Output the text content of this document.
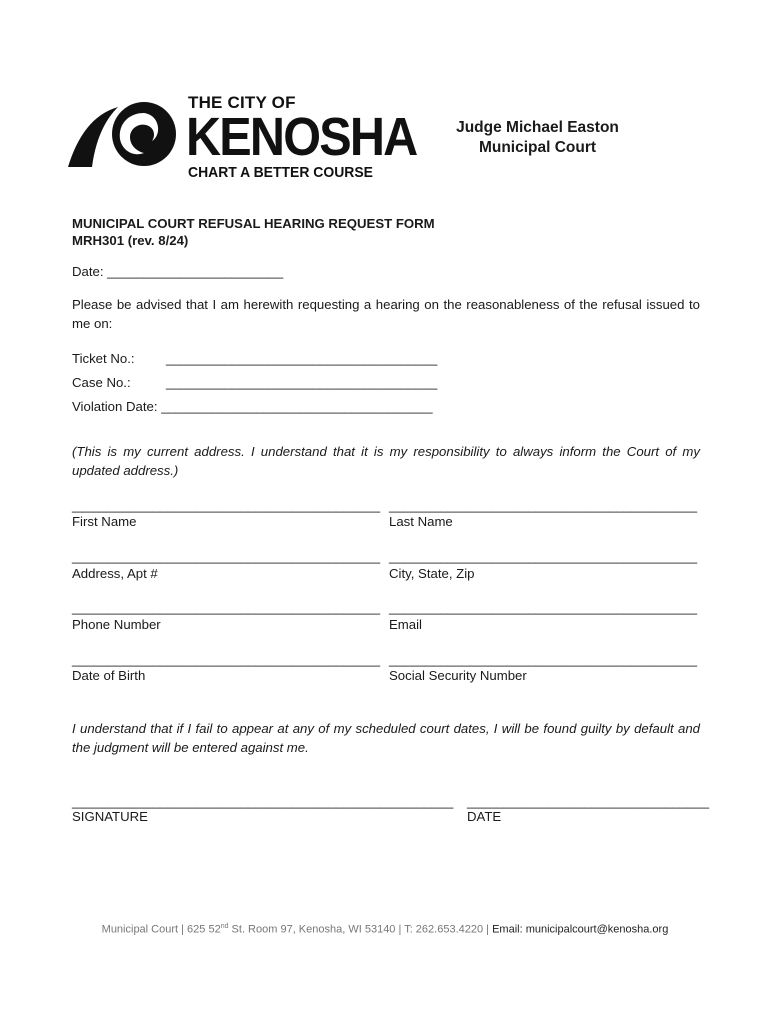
THE CITY OF
KENOSHA
CHART A BETTER COURSE
Judge Michael Easton
Municipal Court
MUNICIPAL COURT REFUSAL HEARING REQUEST FORM
MRH301 (rev. 8/24)
Date: ________________________
Please be advised that I am herewith requesting a hearing on the reasonableness of the refusal issued to me on:
Ticket No.: _____________________________________
Case No.:	_____________________________________
Violation Date: _____________________________________
(This is my current address. I understand that it is my responsibility to always inform the Court of my updated address.)
__________________________________________ __________________________________________
First Name	Last Name
__________________________________________ __________________________________________
Address, Apt #	City, State, Zip
__________________________________________ __________________________________________
Phone Number	Email
__________________________________________ __________________________________________
Date of Birth	Social Security Number
I understand that if I fail to appear at any of my scheduled court dates, I will be found guilty by default and the judgment will be entered against me.
____________________________________________________ _________________________________
SIGNATURE	DATE
Municipal Court | 625 52nd St. Room 97, Kenosha, WI 53140 | T: 262.653.4220 | Email: municipalcourt@kenosha.org
